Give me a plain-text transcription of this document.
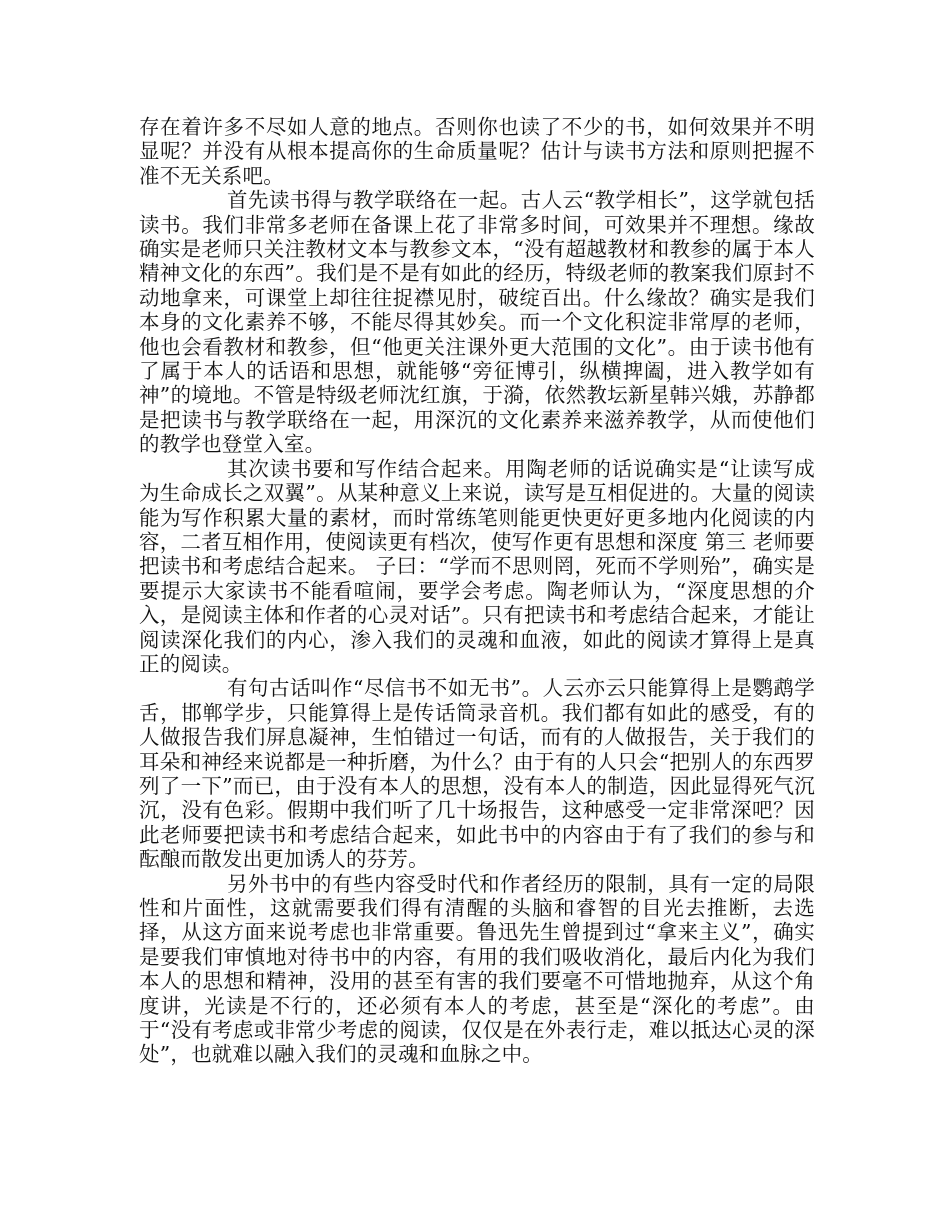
存在着许多不尽如人意的地点。否则你也读了不少的书，如何效果并不明显呢？并没有从根本提高你的生命质量呢？估计与读书方法和原则把握不准不无关系吧。

首先读书得与教学联络在一起。古人云“教学相长”，这学就包括读书。我们非常多老师在备课上花了非常多时间，可效果并不理想。缘故确实是老师只关注教材文本与教参文本，“没有超越教材和教参的属于本人精神文化的东西”。我们是不是有如此的经历，特级老师的教案我们原封不动地拿来，可课堂上却往往捉襟见肘，破绽百出。什么缘故？确实是我们本身的文化素养不够，不能尽得其妙矣。而一个文化积淀非常厚的老师，他也会看教材和教参，但“他更关注课外更大范围的文化”。由于读书他有了属于本人的话语和思想，就能够“旁征博引，纵横捭阖，进入教学如有神”的境地。不管是特级老师沈红旗，于漪，依然教坛新星韩兴娥，苏静都是把读书与教学联络在一起，用深沉的文化素养来滋养教学，从而使他们的教学也登堂入室。

其次读书要和写作结合起来。用陶老师的话说确实是“让读写成为生命成长之双翼”。从某种意义上来说，读写是互相促进的。大量的阅读能为写作积累大量的素材，而时常练笔则能更快更好更多地内化阅读的内容，二者互相作用，使阅读更有档次，使写作更有思想和深度 第三 老师要把读书和考虑结合起来。 子曰：“学而不思则罔，死而不学则殆”，确实是要提示大家读书不能看喧闹，要学会考虑。陶老师认为，“深度思想的介入，是阅读主体和作者的心灵对话”。只有把读书和考虑结合起来，才能让阅读深化我们的内心，渗入我们的灵魂和血液，如此的阅读才算得上是真正的阅读。

有句古话叫作“尽信书不如无书”。人云亦云只能算得上是鹦鹉学舌，邯郸学步，只能算得上是传话筒录音机。我们都有如此的感受，有的人做报告我们屏息凝神，生怕错过一句话，而有的人做报告，关于我们的耳朵和神经来说都是一种折磨，为什么？由于有的人只会“把别人的东西罗列了一下”而已，由于没有本人的思想，没有本人的制造，因此显得死气沉沉，没有色彩。假期中我们听了几十场报告，这种感受一定非常深吧？因此老师要把读书和考虑结合起来，如此书中的内容由于有了我们的参与和酝酿而散发出更加诱人的芬芳。

另外书中的有些内容受时代和作者经历的限制，具有一定的局限性和片面性，这就需要我们得有清醒的头脑和睿智的目光去推断，去选择，从这方面来说考虑也非常重要。鲁迅先生曾提到过“拿来主义”，确实是要我们审慎地对待书中的内容，有用的我们吸收消化，最后内化为我们本人的思想和精神，没用的甚至有害的我们要毫不可惜地抛弃，从这个角度讲，光读是不行的，还必须有本人的考虑，甚至是“深化的考虑”。由于“没有考虑或非常少考虑的阅读，仅仅是在外表行走，难以抵达心灵的深处”，也就难以融入我们的灵魂和血脉之中。
